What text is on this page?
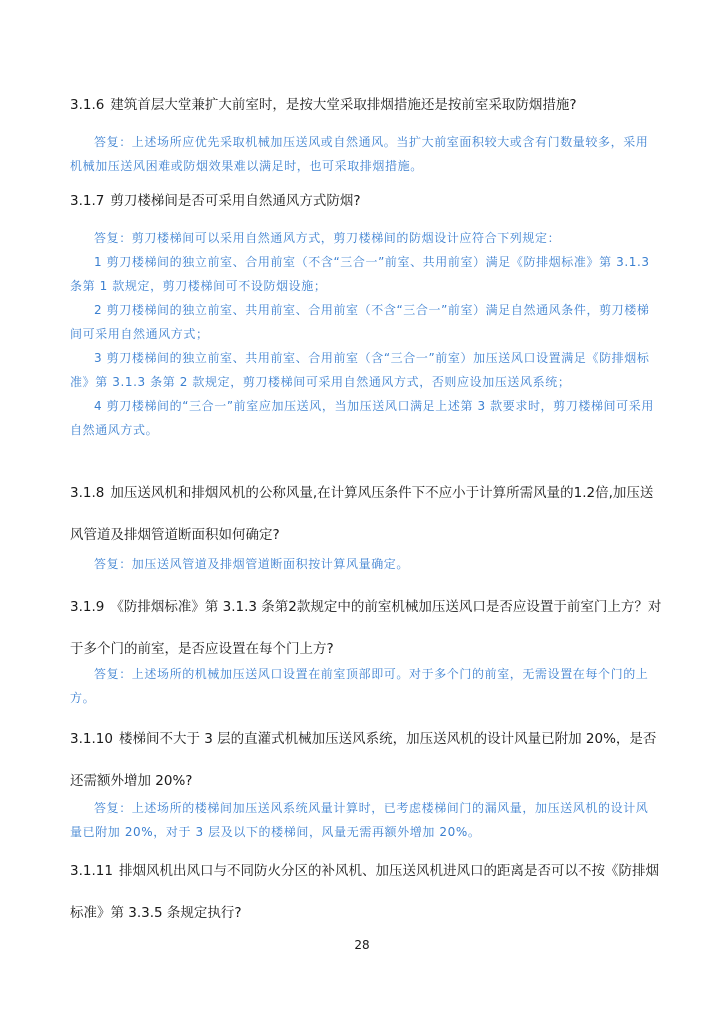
3.1.6 建筑首层大堂兼扩大前室时，是按大堂采取排烟措施还是按前室采取防烟措施?

答复：上述场所应优先采取机械加压送风或自然通风。当扩大前室面积较大或含有门数量较多，采用机械加压送风困难或防烟效果难以满足时，也可采取排烟措施。

3.1.7 剪刀楼梯间是否可采用自然通风方式防烟?

答复：剪刀楼梯间可以采用自然通风方式，剪刀楼梯间的防烟设计应符合下列规定：

1 剪刀楼梯间的独立前室、合用前室（不含“三合一”前室、共用前室）满足《防排烟标准》第 3.1.3 条第 1 款规定，剪刀楼梯间可不设防烟设施；

2 剪刀楼梯间的独立前室、共用前室、合用前室（不含“三合一”前室）满足自然通风条件，剪刀楼梯间可采用自然通风方式；

3 剪刀楼梯间的独立前室、共用前室、合用前室（含“三合一”前室）加压送风口设置满足《防排烟标准》第 3.1.3 条第 2 款规定，剪刀楼梯间可采用自然通风方式，否则应设加压送风系统；

4 剪刀楼梯间的“三合一”前室应加压送风，当加压送风口满足上述第 3 款要求时，剪刀楼梯间可采用自然通风方式。

3.1.8 加压送风机和排烟风机的公称风量,在计算风压条件下不应小于计算所需风量的1.2倍,加压送风管道及排烟管道断面积如何确定?

答复：加压送风管道及排烟管道断面积按计算风量确定。

3.1.9 《防排烟标准》第 3.1.3 条第2款规定中的前室机械加压送风口是否应设置于前室门上方？对于多个门的前室，是否应设置在每个门上方?

答复：上述场所的机械加压送风口设置在前室顶部即可。对于多个门的前室，无需设置在每个门的上方。

3.1.10 楼梯间不大于 3 层的直灌式机械加压送风系统，加压送风机的设计风量已附加 20%，是否还需额外增加 20%?

答复：上述场所的楼梯间加压送风系统风量计算时，已考虑楼梯间门的漏风量，加压送风机的设计风量已附加 20%，对于 3 层及以下的楼梯间，风量无需再额外增加 20%。

3.1.11 排烟风机出风口与不同防火分区的补风机、加压送风机进风口的距离是否可以不按《防排烟标准》第 3.3.5 条规定执行?
28
